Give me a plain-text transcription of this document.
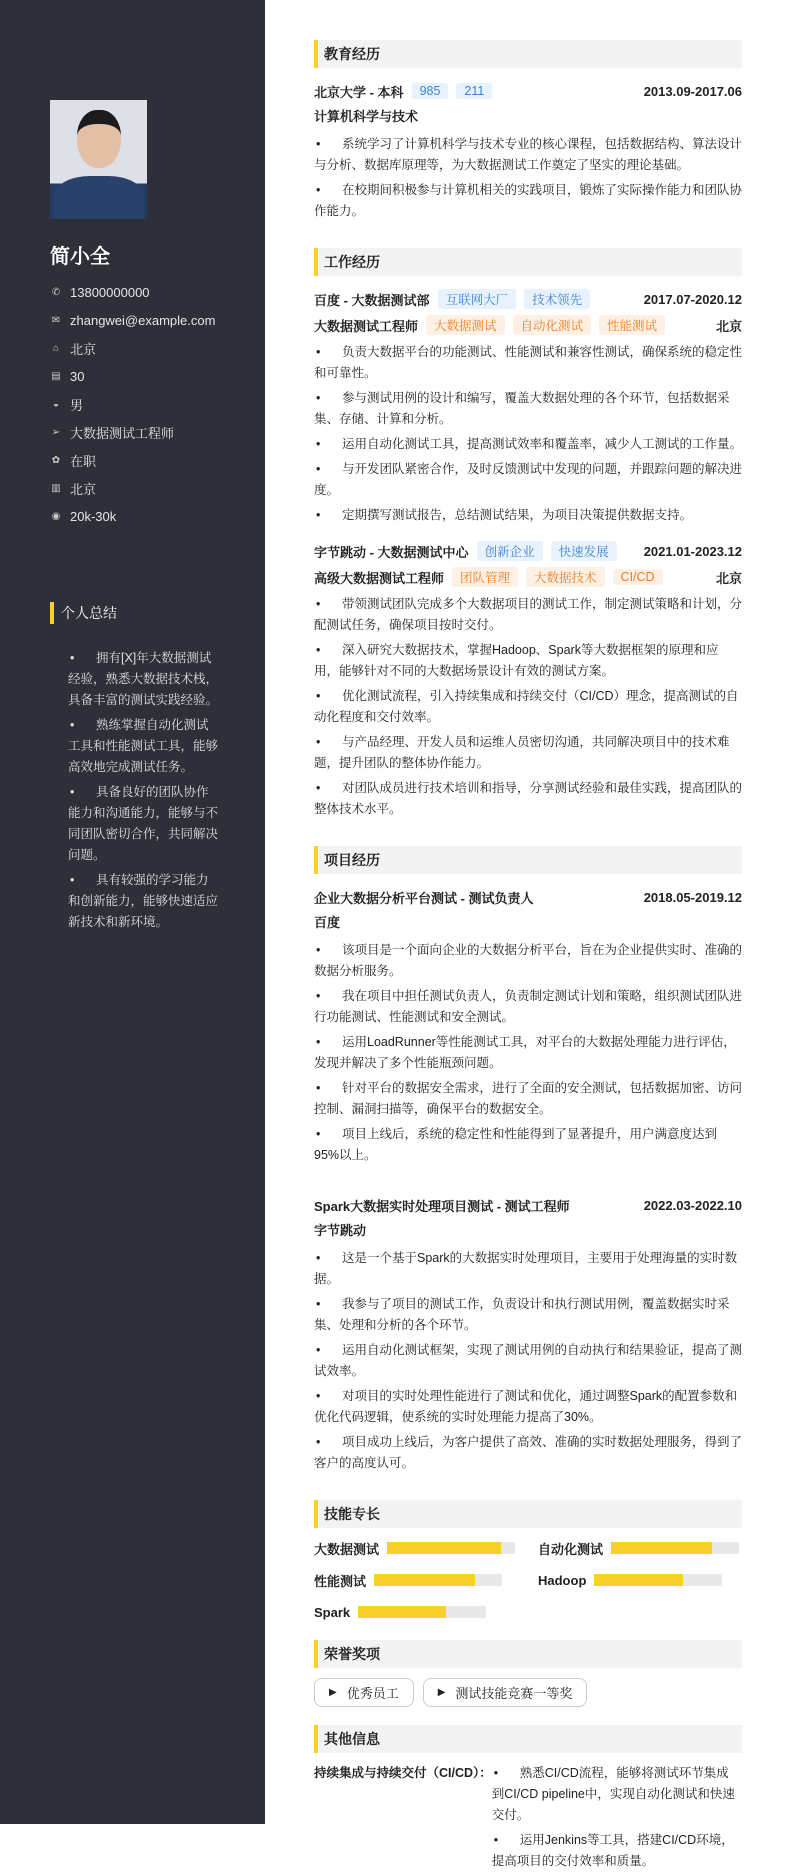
简小全
✆ 13800000000
✉ zhangwei@example.com
⌂ 北京
▤ 30
◒ 男
➢ 大数据测试工程师
✿ 在职
▥ 北京
◉ 20k-30k
个人总结
• 拥有[X]年大数据测试经验，熟悉大数据技术栈，具备丰富的测试实践经验。
• 熟练掌握自动化测试工具和性能测试工具，能够高效地完成测试任务。
• 具备良好的团队协作能力和沟通能力，能够与不同团队密切合作，共同解决问题。
• 具有较强的学习能力和创新能力，能够快速适应新技术和新环境。
教育经历
北京大学 - 本科	985	211	2013.09-2017.06
计算机科学与技术
• 系统学习了计算机科学与技术专业的核心课程，包括数据结构、算法设计与分析、数据库原理等，为大数据测试工作奠定了坚实的理论基础。
• 在校期间积极参与计算机相关的实践项目，锻炼了实际操作能力和团队协作能力。
工作经历
百度 - 大数据测试部	互联网大厂	技术领先	2017.07-2020.12
大数据测试工程师	大数据测试	自动化测试	性能测试	北京
• 负责大数据平台的功能测试、性能测试和兼容性测试，确保系统的稳定性和可靠性。
• 参与测试用例的设计和编写，覆盖大数据处理的各个环节，包括数据采集、存储、计算和分析。
• 运用自动化测试工具，提高测试效率和覆盖率，减少人工测试的工作量。
• 与开发团队紧密合作，及时反馈测试中发现的问题，并跟踪问题的解决进度。
• 定期撰写测试报告，总结测试结果，为项目决策提供数据支持。
字节跳动 - 大数据测试中心	创新企业	快速发展	2021.01-2023.12
高级大数据测试工程师	团队管理	大数据技术	CI/CD	北京
• 带领测试团队完成多个大数据项目的测试工作，制定测试策略和计划，分配测试任务，确保项目按时交付。
• 深入研究大数据技术，掌握Hadoop、Spark等大数据框架的原理和应用，能够针对不同的大数据场景设计有效的测试方案。
• 优化测试流程，引入持续集成和持续交付（CI/CD）理念，提高测试的自动化程度和交付效率。
• 与产品经理、开发人员和运维人员密切沟通，共同解决项目中的技术难题，提升团队的整体协作能力。
• 对团队成员进行技术培训和指导，分享测试经验和最佳实践，提高团队的整体技术水平。
项目经历
企业大数据分析平台测试 - 测试负责人	2018.05-2019.12
百度
• 该项目是一个面向企业的大数据分析平台，旨在为企业提供实时、准确的数据分析服务。
• 我在项目中担任测试负责人，负责制定测试计划和策略，组织测试团队进行功能测试、性能测试和安全测试。
• 运用LoadRunner等性能测试工具，对平台的大数据处理能力进行评估，发现并解决了多个性能瓶颈问题。
• 针对平台的数据安全需求，进行了全面的安全测试，包括数据加密、访问控制、漏洞扫描等，确保平台的数据安全。
• 项目上线后，系统的稳定性和性能得到了显著提升，用户满意度达到95%以上。
Spark大数据实时处理项目测试 - 测试工程师	2022.03-2022.10
字节跳动
• 这是一个基于Spark的大数据实时处理项目，主要用于处理海量的实时数据。
• 我参与了项目的测试工作，负责设计和执行测试用例，覆盖数据实时采集、处理和分析的各个环节。
• 运用自动化测试框架，实现了测试用例的自动执行和结果验证，提高了测试效率。
• 对项目的实时处理性能进行了测试和优化，通过调整Spark的配置参数和优化代码逻辑，使系统的实时处理能力提高了30%。
• 项目成功上线后，为客户提供了高效、准确的实时数据处理服务，得到了客户的高度认可。
技能专长
大数据测试	自动化测试
性能测试	Hadoop
Spark
荣誉奖项
▶ 优秀员工	▶ 测试技能竞赛一等奖
其他信息
持续集成与持续交付（CI/CD）：	• 熟悉CI/CD流程，能够将测试环节集成到CI/CD pipeline中，实现自动化测试和快速交付。
• 运用Jenkins等工具，搭建CI/CD环境，提高项目的交付效率和质量。
